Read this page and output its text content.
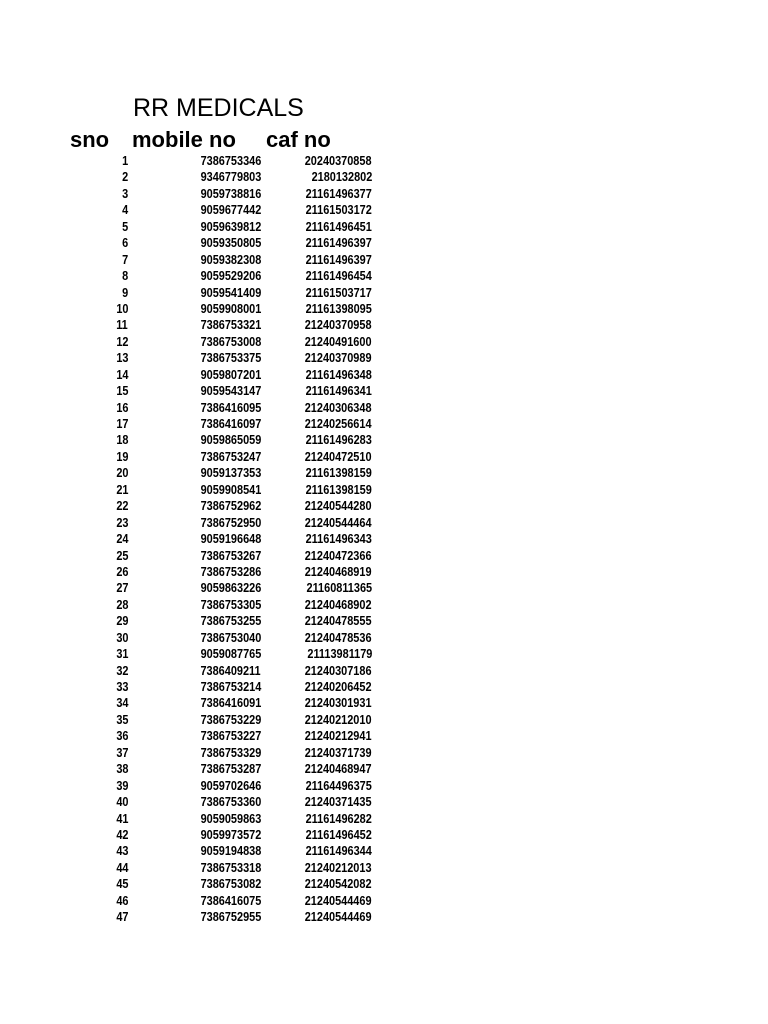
RR MEDICALS
sno mobile no caf no
1	7386753346	20240370858
2	9346779803	2180132802
3	9059738816	21161496377
4	9059677442	21161503172
5	9059639812	21161496451
6	9059350805	21161496397
7	9059382308	21161496397
8	9059529206	21161496454
9	9059541409	21161503717
10	9059908001	21161398095
11	7386753321	21240370958
12	7386753008	21240491600
13	7386753375	21240370989
14	9059807201	21161496348
15	9059543147	21161496341
16	7386416095	21240306348
17	7386416097	21240256614
18	9059865059	21161496283
19	7386753247	21240472510
20	9059137353	21161398159
21	9059908541	21161398159
22	7386752962	21240544280
23	7386752950	21240544464
24	9059196648	21161496343
25	7386753267	21240472366
26	7386753286	21240468919
27	9059863226	21160811365
28	7386753305	21240468902
29	7386753255	21240478555
30	7386753040	21240478536
31	9059087765	21113981179
32	7386409211	21240307186
33	7386753214	21240206452
34	7386416091	21240301931
35	7386753229	21240212010
36	7386753227	21240212941
37	7386753329	21240371739
38	7386753287	21240468947
39	9059702646	21164496375
40	7386753360	21240371435
41	9059059863	21161496282
42	9059973572	21161496452
43	9059194838	21161496344
44	7386753318	21240212013
45	7386753082	21240542082
46	7386416075	21240544469
47	7386752955	21240544469
